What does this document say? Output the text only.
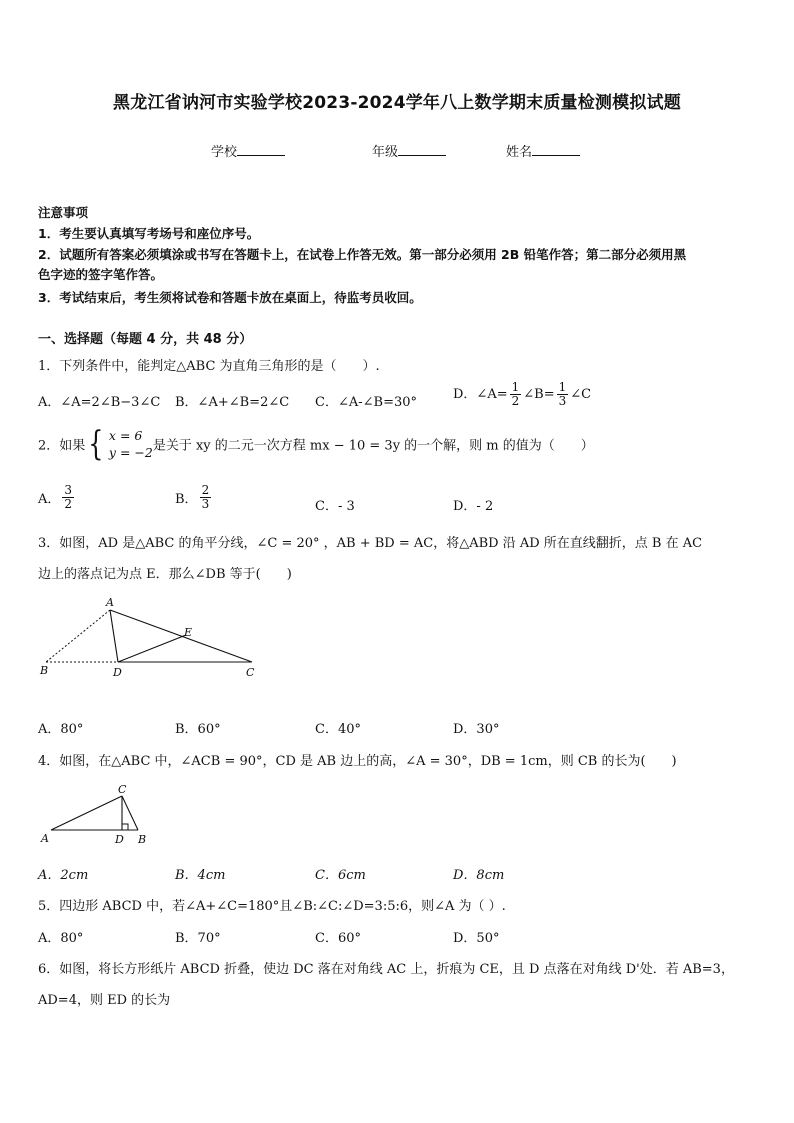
黑龙江省讷河市实验学校2023-2024学年八上数学期末质量检测模拟试题
学校	年级	姓名
注意事项
1．考生要认真填写考场号和座位序号。
2．试题所有答案必须填涂或书写在答题卡上，在试卷上作答无效。第一部分必须用 2B 铅笔作答；第二部分必须用黑
色字迹的签字笔作答。
3．考试结束后，考生须将试卷和答题卡放在桌面上，待监考员收回。
一、选择题（每题 4 分，共 48 分）
1．下列条件中，能判定△ABC 为直角三角形的是（　　）.
A．∠A=2∠B−3∠C B．∠A+∠B=2∠C C．∠A-∠B=30°
D．∠A= $\frac{1}{2}$ ∠B= $\frac{1}{3}$ ∠C
2．如果 { x = 6
y = −2 是关于 xy 的二元一次方程 mx − 10 = 3y 的一个解，则 m 的值为（　　）
A． $\frac{3}{2}$	B． $\frac{2}{3}$	C．- 3	D．- 2
3．如图，AD 是△ABC 的角平分线，∠C = 20° ，AB + BD = AC，将△ABD 沿 AD 所在直线翻折，点 B 在 AC
边上的落点记为点 E．那么∠DB 等于(　　)
A
B	D
E
C
A．80°	B．60°	C．40°	D．30°
4．如图，在△ABC 中，∠ACB = 90°，CD 是 AB 边上的高，∠A = 30°，DB = 1cm，则 CB 的长为(　　)
C
A	D B
A．2cm	B．4cm	C．6cm	D．8cm
5．四边形 ABCD 中，若∠A+∠C=180°且∠B:∠C:∠D=3:5:6，则∠A 为（ ）.
A．80°	B．70°	C．60°	D．50°
6．如图，将长方形纸片 ABCD 折叠，使边 DC 落在对角线 AC 上，折痕为 CE，且 D 点落在对角线 D'处．若 AB=3，
AD=4，则 ED 的长为
